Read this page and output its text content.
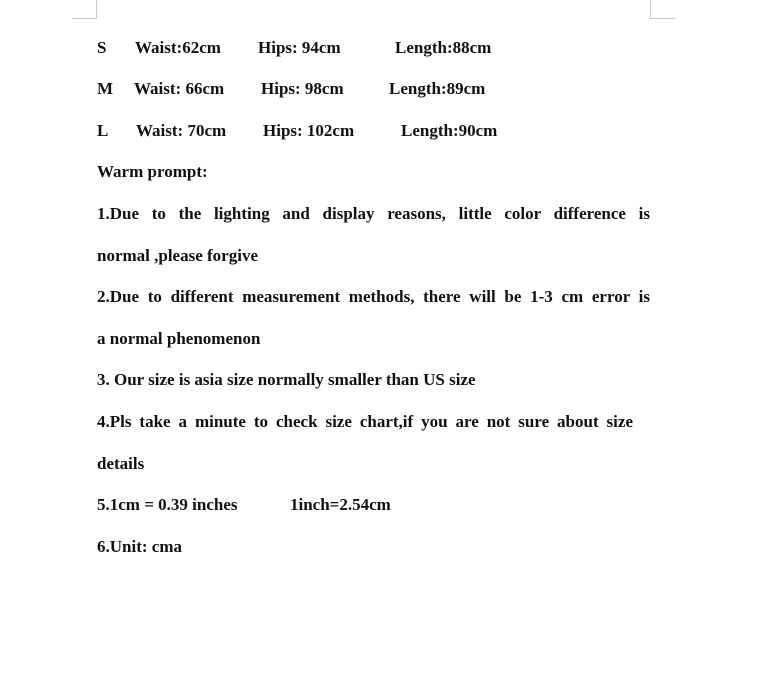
S Waist:62cm Hips: 94cm	Length:88cm
M Waist: 66cm Hips: 98cm	Length:89cm
L Waist: 70cm Hips: 102cm	Length:90cm
Warm prompt:
1.Due to the lighting and display reasons, little color difference is
normal ,please forgive
2.Due to different measurement methods, there will be 1-3 cm error is
a normal phenomenon
3. Our size is asia size normally smaller than US size
4.Pls take a minute to check size chart,if you are not sure about size
details
5.1cm = 0.39 inches	1inch=2.54cm
6.Unit: cma
